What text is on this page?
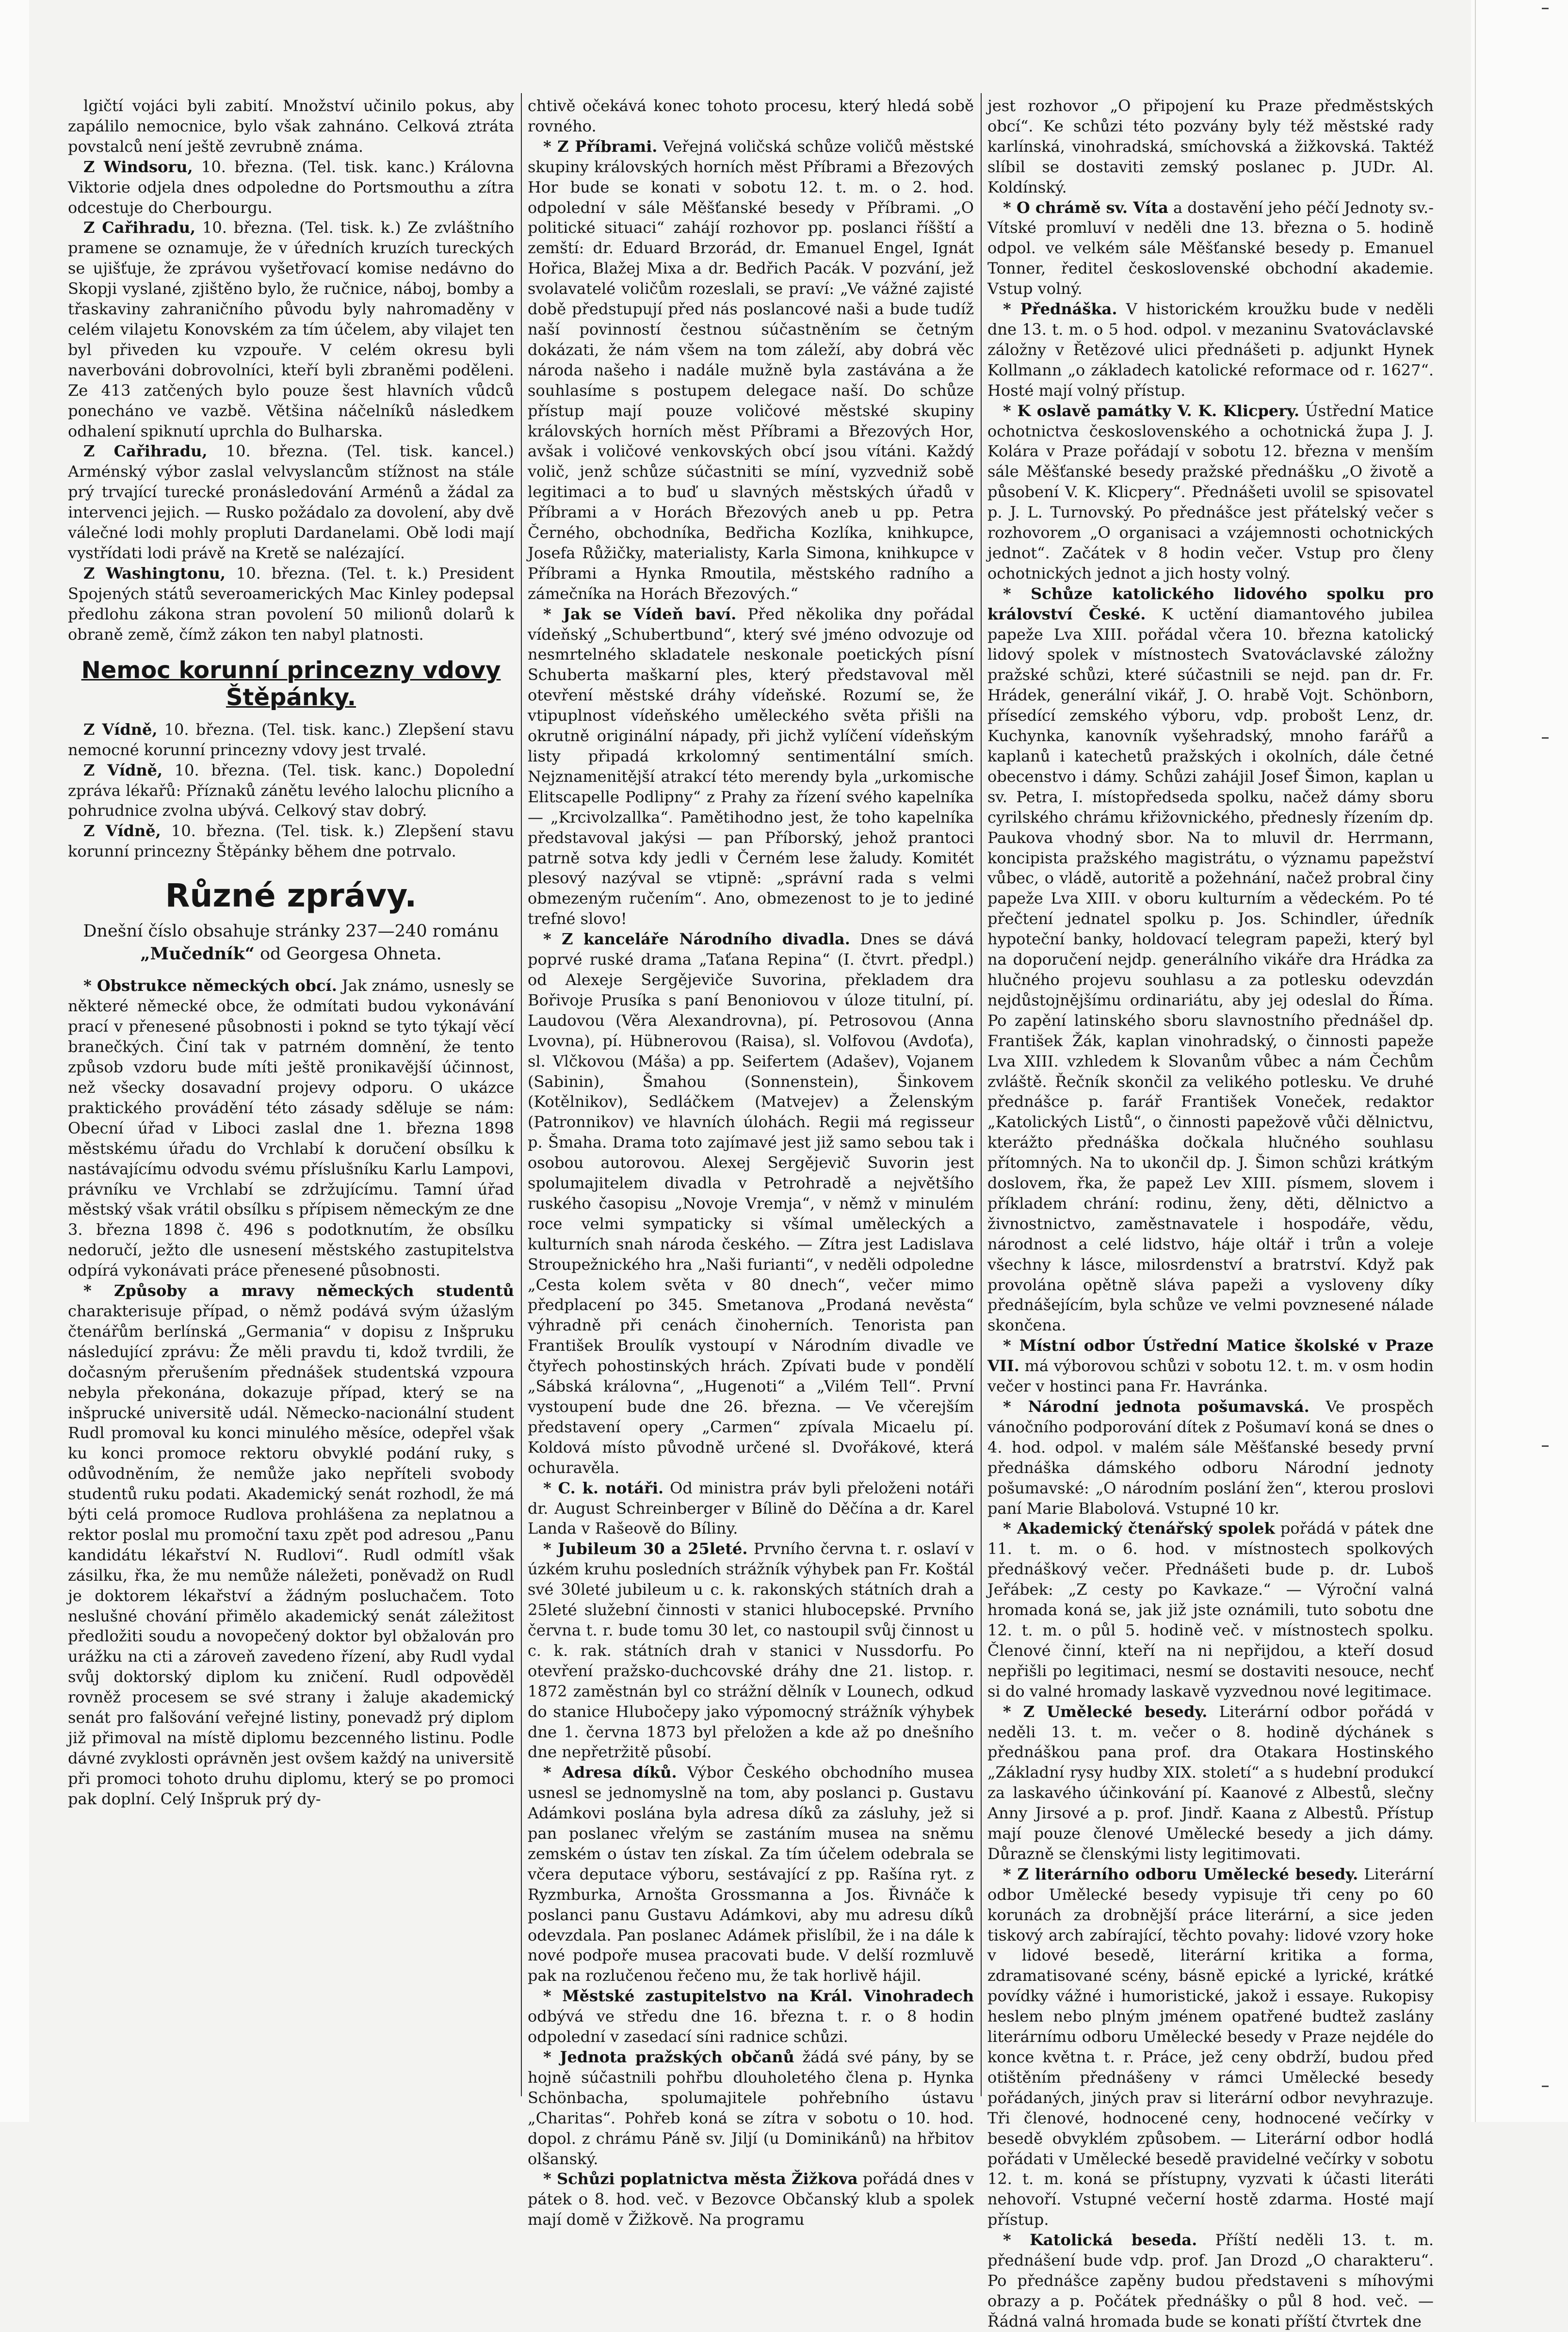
lgičtí vojáci byli zabití. Množství učinilo pokus, aby zapálilo nemocnice, bylo však zahnáno. Celková ztráta povstalců není ještě zevrubně známa.

Z Windsoru, 10. března. (Tel. tisk. kanc.) Královna Viktorie odjela dnes odpoledne do Portsmouthu a zítra odcestuje do Cherbourgu.

Z Cařihradu, 10. března. (Tel. tisk. k.) Ze zvláštního pramene se oznamuje, že v úředních kruzích tureckých se ujišťuje, že zprávou vyšetřovací komise nedávno do Skopji vyslané, zjištěno bylo, že ručnice, náboj, bomby a třaskaviny zahraničního původu byly nahromaděny v celém vilajetu Konovském za tím účelem, aby vilajet ten byl přiveden ku vzpouře. V celém okresu byli naverbováni dobrovolníci, kteří byli zbraněmi poděleni. Ze 413 zatčených bylo pouze šest hlavních vůdců ponecháno ve vazbě. Většina náčelníků následkem odhalení spiknutí uprchla do Bulharska.

Z Cařihradu, 10. března. (Tel. tisk. kancel.) Arménský výbor zaslal velvyslancům stížnost na stále prý trvající turecké pronásledování Arménů a žádal za intervenci jejich. — Rusko požádalo za dovolení, aby dvě válečné lodi mohly propluti Dardanelami. Obě lodi mají vystřídati lodi právě na Kretě se nalézající.

Z Washingtonu, 10. března. (Tel. t. k.) President Spojených států severoamerických Mac Kinley podepsal předlohu zákona stran povolení 50 milionů dolarů k obraně země, čímž zákon ten nabyl platnosti.

Nemoc korunní princezny vdovy Štěpánky.

Z Vídně, 10. března. (Tel. tisk. kanc.) Zlepšení stavu nemocné korunní princezny vdovy jest trvalé.

Z Vídně, 10. března. (Tel. tisk. kanc.) Dopolední zpráva lékařů: Příznaků zánětu levého lalochu plicního a pohrudnice zvolna ubývá. Celkový stav dobrý.

Z Vídně, 10. března. (Tel. tisk. k.) Zlepšení stavu korunní princezny Štěpánky během dne potrvalo.

Různé zprávy.
Dnešní číslo obsahuje stránky 237—240 románu „Mučedník“ od Georgesa Ohneta.

* Obstrukce německých obcí. Jak známo, usnesly se některé německé obce, že odmítati budou vykonávání prací v přenesené působnosti i poknd se tyto týkají věcí branečkých. Činí tak v patrném domnění, že tento způsob vzdoru bude míti ještě pronikavější účinnost, než všecky dosavadní projevy odporu. O ukázce praktického provádění této zásady sděluje se nám: Obecní úřad v Liboci zaslal dne 1. března 1898 městskému úřadu do Vrchlabí k doručení obsílku k nastávajícímu odvodu svému příslušníku Karlu Lampovi, právníku ve Vrchlabí se zdržujícímu. Tamní úřad městský však vrátil obsílku s přípisem německým ze dne 3. března 1898 č. 496 s podotknutím, že obsílku nedoručí, ježto dle usnesení městského zastupitelstva odpírá vykonávati práce přenesené působnosti.

* Způsoby a mravy německých studentů charakterisuje případ, o němž podává svým úžaslým čtenářům berlínská „Germania“ v dopisu z Inšpruku následující zprávu: Že měli pravdu ti, kdož tvrdili, že dočasným přerušením přednášek studentská vzpoura nebyla překonána, dokazuje případ, který se na inšprucké universitě udál. Německo-nacionální student Rudl promoval ku konci minulého měsíce, odepřel však ku konci promoce rektoru obvyklé podání ruky, s odůvodněním, že nemůže jako nepříteli svobody studentů ruku podati. Akademický senát rozhodl, že má býti celá promoce Rudlova prohlášena za neplatnou a rektor poslal mu promoční taxu zpět pod adresou „Panu kandidátu lékařství N. Rudlovi“. Rudl odmítl však zásilku, řka, že mu nemůže náležeti, poněvadž on Rudl je doktorem lékařství a žádným posluchačem. Toto neslušné chování přimělo akademický senát záležitost předložiti soudu a novopečený doktor byl obžalován pro urážku na cti a zároveň zavedeno řízení, aby Rudl vydal svůj doktorský diplom ku zničení. Rudl odpověděl rovněž procesem se své strany i žaluje akademický senát pro falšování veřejné listiny, ponevadž prý diplom již přimoval na místě diplomu bezcenného listinu. Podle dávné zvyklosti oprávněn jest ovšem každý na universitě při promoci tohoto druhu diplomu, který se po promoci pak doplní. Celý Inšpruk prý dy-

chtivě očekává konec tohoto procesu, který hledá sobě rovného.

* Z Příbrami. Veřejná voličská schůze voličů městské skupiny královských horních měst Příbrami a Březových Hor bude se konati v sobotu 12. t. m. o 2. hod. odpolední v sále Měšťanské besedy v Příbrami. „O politické situaci“ zahájí rozhovor pp. poslanci říšští a zemští: dr. Eduard Brzorád, dr. Emanuel Engel, Ignát Hořica, Blažej Mixa a dr. Bedřich Pacák. V pozvání, jež svolavatelé voličům rozeslali, se praví: „Ve vážné zajisté době předstupují před nás poslancové naši a bude tudíž naší povinností čestnou súčastněním se četným dokázati, že nám všem na tom záleží, aby dobrá věc národa našeho i nadále mužně byla zastávána a že souhlasíme s postupem delegace naší. Do schůze přístup mají pouze voličové městské skupiny královských horních měst Příbrami a Březových Hor, avšak i voličové venkovských obcí jsou vítáni. Každý volič, jenž schůze súčastniti se míní, vyzvedniž sobě legitimaci a to buď u slavných městských úřadů v Příbrami a v Horách Březových aneb u pp. Petra Černého, obchodníka, Bedřicha Kozlíka, knihkupce, Josefa Růžičky, materialisty, Karla Simona, knihkupce v Příbrami a Hynka Rmoutila, městského radního a zámečníka na Horách Březových.“

* Jak se Vídeň baví. Před několika dny pořádal vídeňský „Schubertbund“, který své jméno odvozuje od nesmrtelného skladatele neskonale poetických písní Schuberta maškarní ples, který představoval měl otevření městské dráhy vídeňské. Rozumí se, že vtipuplnost vídeňského uměleckého světa přišli na okrutně originální nápady, při jichž vylíčení vídeňským listy připadá krkolomný sentimentální smích. Nejznamenitější atrakcí této merendy byla „urkomische Elitscapelle Podlipny“ z Prahy za řízení svého kapelníka — „Krcivolzallka“. Pamětihodno jest, že toho kapelníka představoval jakýsi — pan Příborský, jehož prantoci patrně sotva kdy jedli v Černém lese žaludy. Komitét plesový nazýval se vtipně: „správní rada s velmi obmezeným ručením“. Ano, obmezenost to je to jediné trefné slovo!

* Z kanceláře Národního divadla. Dnes se dává poprvé ruské drama „Taťana Repina“ (I. čtvrt. předpl.) od Alexeje Sergějeviče Suvorina, překladem dra Bořivoje Prusíka s paní Benoniovou v úloze titulní, pí. Laudovou (Věra Alexandrovna), pí. Petrosovou (Anna Lvovna), pí. Hübnerovou (Raisa), sl. Volfovou (Avdoťa), sl. Vlčkovou (Máša) a pp. Seifertem (Adašev), Vojanem (Sabinin), Šmahou (Sonnenstein), Šinkovem (Kotělnikov), Sedláčkem (Matvejev) a Želenským (Patronnikov) ve hlavních úlohách. Regii má regisseur p. Šmaha. Drama toto zajímavé jest již samo sebou tak i osobou autorovou. Alexej Sergějevič Suvorin jest spolumajitelem divadla v Petrohradě a největšího ruského časopisu „Novoje Vremja“, v němž v minulém roce velmi sympaticky si všímal uměleckých a kulturních snah národa českého. — Zítra jest Ladislava Stroupežnického hra „Naši furianti“, v neděli odpoledne „Cesta kolem světa v 80 dnech“, večer mimo předplacení po 345. Smetanova „Prodaná nevěsta“ výhradně při cenách činoherních. Tenoristа pan František Broulík vystoupí v Národním divadle ve čtyřech pohostinských hrách. Zpívati bude v pondělí „Sábská královna“, „Hugenoti“ a „Vilém Tell“. První vystoupení bude dne 26. března. — Ve včerejším představení opery „Carmen“ zpívala Micaelu pí. Koldová místo původně určené sl. Dvořákové, která ochuravěla.

* C. k. notáři. Od ministra práv byli přeloženi notáři dr. August Schreinberger v Bílině do Děčína a dr. Karel Landa v Rašeově do Bíliny.

* Jubileum 30 a 25leté. Prvního června t. r. oslaví v úzkém kruhu posledních strážník výhybek pan Fr. Koštál své 30leté jubileum u c. k. rakonských státních drah a 25leté služební činnosti v stanici hlubocepské. Prvního června t. r. bude tomu 30 let, co nastoupil svůj činnost u c. k. rak. státních drah v stanici v Nussdorfu. Po otevření pražsko-duchcovské dráhy dne 21. listop. r. 1872 zaměstnán byl co strážní dělník v Lounech, odkud do stanice Hlubočepy jako výpomocný strážník výhybek dne 1. června 1873 byl přeložen a kde až po dnešního dne nepřetržitě působí.

* Adresa díků. Výbor Českého obchodního musea usnesl se jednomyslně na tom, aby poslanci p. Gustavu Adámkovi poslána byla adresa díků za zásluhy, jež si pan poslanec vřelým se zastáním musea na sněmu zemském o ústav ten získal. Za tím účelem odebrala se včera deputace výboru, sestávající z pp. Rašína ryt. z Ryzmburka, Arnošta Grossmanna a Jos. Řivnáče k poslanci panu Gustavu Adámkovi, aby mu adresu díků odevzdala. Pan poslanec Adámek přislíbil, že i na dále k nové podpoře musea pracovati bude. V delší rozmluvě pak na rozlučenou řečeno mu, že tak horlivě hájil.

* Městské zastupitelstvo na Král. Vinohradech odbývá ve středu dne 16. března t. r. o 8 hodin odpolední v zasedací síni radnice schůzi.

* Jednota pražských občanů žádá své pány, by se hojně súčastnili pohřbu dlouholetého člena p. Hynka Schönbacha, spolumajitele pohřebního ústavu „Charitas“. Pohřeb koná se zítra v sobotu o 10. hod. dopol. z chrámu Páně sv. Jiljí (u Dominikánů) na hřbitov olšanský.

* Schůzi poplatnictva města Žižkova pořádá dnes v pátek o 8. hod. več. v Bezovce Občanský klub a spolek mají domě v Žižkově. Na programu

jest rozhovor „O připojení ku Praze předměstských obcí“. Ke schůzi této pozvány byly též městské rady karlínská, vinohradská, smíchovská a žižkovská. Taktéž slíbil se dostaviti zemský poslanec p. JUDr. Al. Koldínský.

* O chrámě sv. Víta a dostavění jeho péčí Jednoty sv.-Vítské promluví v neděli dne 13. března o 5. hodině odpol. ve velkém sále Měšťanské besedy p. Emanuel Tonner, ředitel československé obchodní akademie. Vstup volný.

* Přednáška. V historickém kroužku bude v neděli dne 13. t. m. o 5 hod. odpol. v mezaninu Svatováclavské záložny v Řetězové ulici přednášeti p. adjunkt Hynek Kollmann „o základech katolické reformace od r. 1627“. Hosté mají volný přístup.

* K oslavě památky V. K. Klicpery. Ústřední Matice ochotnictva československého a ochotnická župa J. J. Kolára v Praze pořádají v sobotu 12. března v menším sále Měšťanské besedy pražské přednášku „O životě a působení V. K. Klicpery“. Přednášeti uvolil se spisovatel p. J. L. Turnovský. Po přednášce jest přátelský večer s rozhovorem „O organisaci a vzájemnosti ochotnických jednot“. Začátek v 8 hodin večer. Vstup pro členy ochotnických jednot a jich hosty volný.

* Schůze katolického lidového spolku pro království České. K uctění diamantového jubilea papeže Lva XIII. pořádal včera 10. března katolický lidový spolek v místnostech Svatováclavské záložny pražské schůzi, které súčastnili se nejd. pan dr. Fr. Hrádek, generální vikář, J. O. hrabě Vojt. Schönborn, přísedící zemského výboru, vdp. probošt Lenz, dr. Kuchynka, kanovník vyšehradský, mnoho farářů a kaplanů i katechetů pražských i okolních, dále četné obecenstvo i dámy. Schůzi zahájil Josef Šimon, kaplan u sv. Petra, I. místopředseda spolku, načež dámy sboru cyrilského chrámu křižovnického, přednesly řízením dp. Paukova vhodný sbor. Na to mluvil dr. Herrmann, koncipista pražského magistrátu, o významu papežství vůbec, o vládě, autoritě a požehnání, načež probral činy papeže Lva XIII. v oboru kulturním a vědeckém. Po té přečtení jednatel spolku p. Jos. Schindler, úředník hypoteční banky, holdovací telegram papeži, který byl na doporučení nejdp. generálního vikáře dra Hrádka za hlučného projevu souhlasu a za potlesku odevzdán nejdůstojnějšímu ordinariátu, aby jej odeslal do Říma. Po zapění latinského sboru slavnostního přednášel dp. František Žák, kaplan vinohradský, o činnosti papeže Lva XIII. vzhledem k Slovanům vůbec a nám Čechům zvláště. Řečník skončil za velikého potlesku. Ve druhé přednášce p. farář František Voneček, redaktor „Katolických Listů“, o činnosti papežově vůči dělnictvu, kterážto přednáška dočkala hlučného souhlasu přítomných. Na to ukončil dp. J. Šimon schůzi krátkým doslovem, řka, že papež Lev XIII. písmem, slovem i příkladem chrání: rodinu, ženy, děti, dělnictvo a živnostnictvo, zaměstnavatele i hospodáře, vědu, národnost a celé lidstvo, háje oltář i trůn a voleje všechny k lásce, milosrdenství a bratrství. Když pak provolána opětně sláva papeži a vysloveny díky přednášejícím, byla schůze ve velmi povznesené nálade skončena.

* Místní odbor Ústřední Matice školské v Praze VII. má výborovou schůzi v sobotu 12. t. m. v osm hodin večer v hostinci pana Fr. Havránka.

* Národní jednota pošumavská. Ve prospěch vánočního podporování dítek z Pošumaví koná se dnes o 4. hod. odpol. v malém sále Měšťanské besedy první přednáška dámského odboru Národní jednoty pošumavské: „O národním poslání žen“, kterou proslovi paní Marie Blabolová. Vstupné 10 kr.

* Akademický čtenářský spolek pořádá v pátek dne 11. t. m. o 6. hod. v místnostech spolkových přednáškový večer. Přednášeti bude p. dr. Luboš Jeřábek: „Z cesty po Kavkaze.“ — Výroční valná hromada koná se, jak již jste oznámili, tuto sobotu dne 12. t. m. o půl 5. hodině več. v místnostech spolku. Členové činní, kteří na ni nepřijdou, a kteří dosud nepřišli po legitimaci, nesmí se dostaviti nesouce, nechť si do valné hromady laskavě vyzvednou nové legitimace.

* Z Umělecké besedy. Literární odbor pořádá v neděli 13. t. m. večer o 8. hodině dýchánek s přednáškou pana prof. dra Otakara Hostinského „Základní rysy hudby XIX. století“ a s hudební produkcí za laskavého účinkování pí. Kaanové z Albestů, slečny Anny Jirsové a p. prof. Jindř. Kaana z Albestů. Přístup mají pouze členové Umělecké besedy a jich dámy. Důrazně se členskými listy legitimovati.

* Z literárního odboru Umělecké besedy. Literární odbor Umělecké besedy vypisuje tři ceny po 60 korunách za drobnější práce literární, a sice jeden tiskový arch zabírající, těchto povahy: lidové vzory hoke v lidové besedě, literární kritika a forma, zdramatisované scény, básně epické a lyrické, krátké povídky vážné i humoristické, jakož i essaye. Rukopisy heslem nebo plným jménem opatřené budtež zaslány literárnímu odboru Umělecké besedy v Praze nejdéle do konce května t. r. Práce, jež ceny obdrží, budou před otištěním přednášeny v rámci Umělecké besedy pořádaných, jiných prav si literární odbor nevyhrazuje. Tři členové, hodnocené ceny, hodnocené večírky v besedě obvyklém způsobem. — Literární odbor hodlá pořádati v Umělecké besedě pravidelné večírky v sobotu 12. t. m. koná se přístupny, vyzvati k účasti literáti nehovoří. Vstupné večerní hostě zdarma. Hosté mají přístup.

* Katolická beseda. Příští neděli 13. t. m. přednášení bude vdp. prof. Jan Drozd „O charakteru“. Po přednášce zapěny budou představeni s míhovými obrazy a p. Počátek přednášky o půl 8 hod. več. — Řádná valná hromada bude se konati příští čtvrtek dne
